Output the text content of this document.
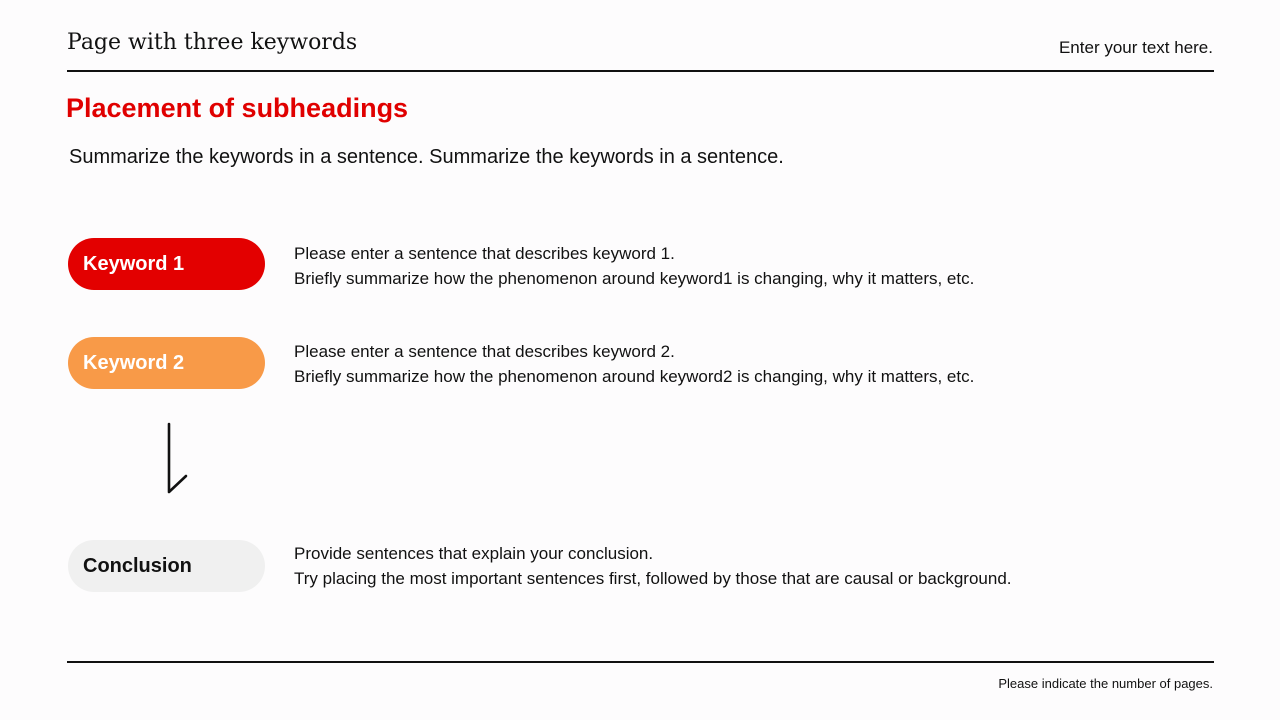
Page with three keywords	Enter your text here.
Placement of subheadings
Summarize the keywords in a sentence. Summarize the keywords in a sentence.
Keyword 1	Please enter a sentence that describes keyword 1.
Briefly summarize how the phenomenon around keyword1 is changing, why it matters, etc.
Keyword 2	Please enter a sentence that describes keyword 2.
Briefly summarize how the phenomenon around keyword2 is changing, why it matters, etc.
Conclusion
Provide sentences that explain your conclusion.
Try placing the most important sentences first, followed by those that are causal or background.
Please indicate the number of pages.
